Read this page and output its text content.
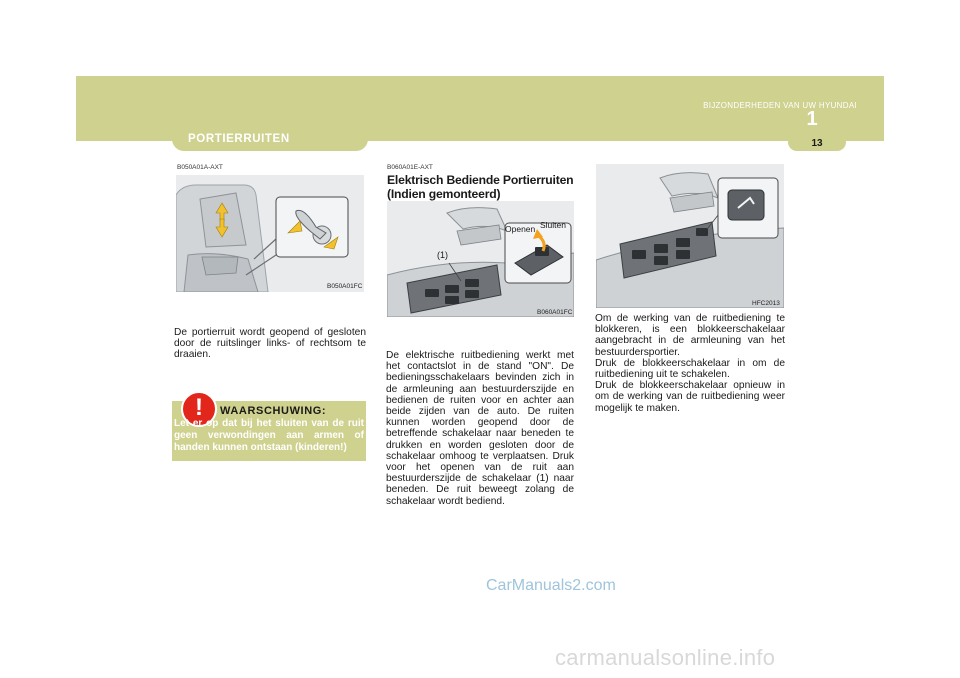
BIJZONDERHEDEN VAN UW HYUNDAI
1
13
PORTIERRUITEN
B050A01A-AXT
B050A01FC
De portierruit wordt geopend of gesloten door de ruitslinger links- of rechtsom te draaien.
!	WAARSCHUWING:
Let er op dat bij het sluiten van de ruit geen verwondingen aan armen of handen kunnen ontstaan (kinderen!)
B060A01E-AXT
Elektrisch Bediende Portierruiten (Indien gemonteerd)
Openen Sluiten
(1)
B060A01FC
De elektrische ruitbediening werkt met het contactslot in de stand "ON". De bedieningsschakelaars bevinden zich in de armleuning aan bestuurderszijde en bedienen de ruiten voor en achter aan beide zijden van de auto. De ruiten kunnen worden geopend door de betreffende schakelaar naar beneden te drukken en worden gesloten door de schakelaar omhoog te verplaatsen. Druk voor het openen van de ruit aan bestuurderszijde de schakelaar (1) naar beneden. De ruit beweegt zolang de schakelaar wordt bediend.
HFC2013
Om de werking van de ruitbediening te blokkeren, is een blokkeerschakelaar aangebracht in de armleuning van het bestuurdersportier.
Druk de blokkeerschakelaar in om de ruitbediening uit te schakelen.
Druk de blokkeerschakelaar opnieuw in om de werking van de ruitbediening weer mogelijk te maken.
CarManuals2.com
carmanualsonline.info
